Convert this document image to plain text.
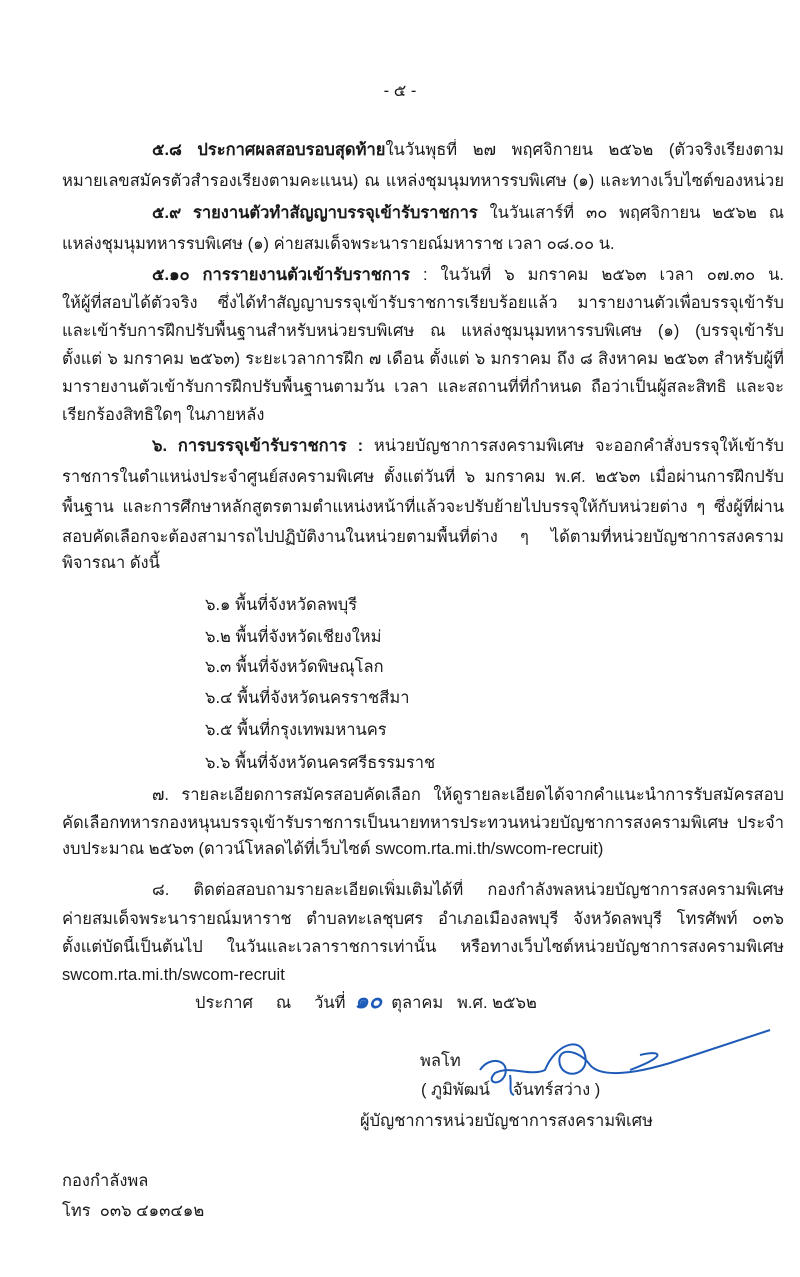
- ๕ -
๕.๘ ประกาศผลสอบรอบสุดท้ายในวันพุธที่ ๒๗ พฤศจิกายน ๒๕๖๒ (ตัวจริงเรียงตาม
หมายเลขสมัครตัวสำรองเรียงตามคะแนน) ณ แหล่งชุมนุมทหารรบพิเศษ (๑) และทางเว็บไซต์ของหน่วย
๕.๙ รายงานตัวทำสัญญาบรรจุเข้ารับราชการ ในวันเสาร์ที่ ๓๐ พฤศจิกายน ๒๕๖๒ ณ
แหล่งชุมนุมทหารรบพิเศษ (๑) ค่ายสมเด็จพระนารายณ์มหาราช เวลา ๐๘.๐๐ น.
๕.๑๐ การรายงานตัวเข้ารับราชการ : ในวันที่ ๖ มกราคม ๒๕๖๓ เวลา ๐๗.๓๐ น.
ให้ผู้ที่สอบได้ตัวจริง ซึ่งได้ทำสัญญาบรรจุเข้ารับราชการเรียบร้อยแล้ว มารายงานตัวเพื่อบรรจุเข้ารับ
และเข้ารับการฝึกปรับพื้นฐานสำหรับหน่วยรบพิเศษ ณ แหล่งชุมนุมทหารรบพิเศษ (๑) (บรรจุเข้ารับ
ตั้งแต่ ๖ มกราคม ๒๕๖๓) ระยะเวลาการฝึก ๗ เดือน ตั้งแต่ ๖ มกราคม ถึง ๘ สิงหาคม ๒๕๖๓ สำหรับผู้ที่
มารายงานตัวเข้ารับการฝึกปรับพื้นฐานตามวัน เวลา และสถานที่ที่กำหนด ถือว่าเป็นผู้สละสิทธิ และจะ
เรียกร้องสิทธิใดๆ ในภายหลัง
๖. การบรรจุเข้ารับราชการ : หน่วยบัญชาการสงครามพิเศษ จะออกคำสั่งบรรจุให้เข้ารับ
ราชการในตำแหน่งประจำศูนย์สงครามพิเศษ ตั้งแต่วันที่ ๖ มกราคม พ.ศ. ๒๕๖๓ เมื่อผ่านการฝึกปรับ
พื้นฐาน และการศึกษาหลักสูตรตามตำแหน่งหน้าที่แล้วจะปรับย้ายไปบรรจุให้กับหน่วยต่าง ๆ ซึ่งผู้ที่ผ่าน
สอบคัดเลือกจะต้องสามารถไปปฏิบัติงานในหน่วยตามพื้นที่ต่าง ๆ ได้ตามที่หน่วยบัญชาการสงคราม
พิจารณา ดังนี้
๖.๑ พื้นที่จังหวัดลพบุรี
๖.๒ พื้นที่จังหวัดเชียงใหม่
๖.๓ พื้นที่จังหวัดพิษณุโลก
๖.๔ พื้นที่จังหวัดนครราชสีมา
๖.๕ พื้นที่กรุงเทพมหานคร
๖.๖ พื้นที่จังหวัดนครศรีธรรมราช
๗. รายละเอียดการสมัครสอบคัดเลือก ให้ดูรายละเอียดได้จากคำแนะนำการรับสมัครสอบ
คัดเลือกทหารกองหนุนบรรจุเข้ารับราชการเป็นนายทหารประทวนหน่วยบัญชาการสงครามพิเศษ ประจำ
งบประมาณ ๒๕๖๓ (ดาวน์โหลดได้ที่เว็บไซต์ swcom.rta.mi.th/swcom-recruit)
๘. ติดต่อสอบถามรายละเอียดเพิ่มเติมได้ที่ กองกำลังพลหน่วยบัญชาการสงครามพิเศษ
ค่ายสมเด็จพระนารายณ์มหาราช ตำบลทะเลชุบศร อำเภอเมืองลพบุรี จังหวัดลพบุรี โทรศัพท์ ๐๓๖
ตั้งแต่บัดนี้เป็นต้นไป ในวันและเวลาราชการเท่านั้น หรือทางเว็บไซต์หน่วยบัญชาการสงครามพิเศษ
swcom.rta.mi.th/swcom-recruit
ประกาศ     ณ     วันที่ ๑๐ ตุลาคม   พ.ศ. ๒๕๖๒
พลโท
( ภูมิพัฒน์     จันทร์สว่าง )
ผู้บัญชาการหน่วยบัญชาการสงครามพิเศษ
กองกำลังพล
โทร  ๐๓๖ ๔๑๓๔๑๒
